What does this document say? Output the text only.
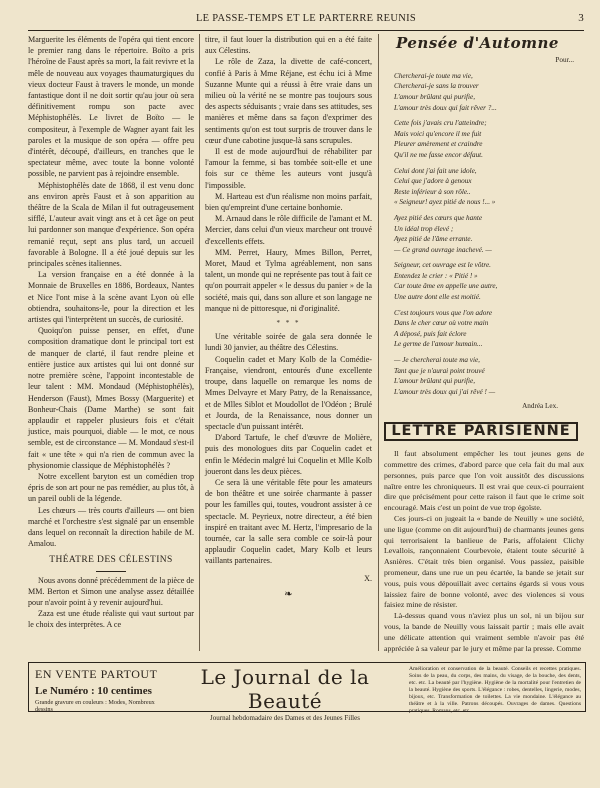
LE PASSE-TEMPS ET LE PARTERRE REUNIS	3

Marguerite les éléments de l'opéra qui tient encore le premier rang dans le répertoire. Boïto a pris l'héroïne de Faust après sa mort, la fait revivre et la mêle de nouveau aux voyages thaumaturgiques du vieux docteur Faust à travers le monde, un monde fantastique dont il ne doit sortir qu'au jour où sera définitivement rompu son pacte avec Méphistophélès. Le livret de Boïto — le compositeur, à l'exemple de Wagner ayant fait les paroles et la musique de son opéra — offre peu d'intérêt, découpé, d'ailleurs, en tranches que le spectateur même, avec toute la bonne volonté possible, ne parvient pas à rejoindre ensemble.

Méphistophélès date de 1868, il est venu donc ans environ après Faust et à son apparition au théâtre de la Scala de Milan il fut outrageusement sifflé, L'auteur avait vingt ans et à cet âge on peut lui pardonner son manque d'expérience. Son opéra remanié reçut, sept ans plus tard, un accueil favorable à Bologne. Il a été joué depuis sur les principales scènes italiennes.

La version française en a été donnée à la Monnaie de Bruxelles en 1886, Bordeaux, Nantes et Nice l'ont mise à la scène avant Lyon où elle obtiendra, souhaitons-le, pour la direction et les artistes qui l'interprètent un succès, de curiosité.

Quoiqu'on puisse penser, en effet, d'une composition dramatique dont le principal tort est de manquer de clarté, il faut rendre pleine et entière justice aux artistes qui lui ont donné sur notre première scène, l'appoint incontestable de leur talent : MM. Mondaud (Méphistophélès), Henderson (Faust), Mmes Bossy (Marguerite) et Bonheur-Chais (Dame Marthe) se sont fait applaudir et rappeler plusieurs fois et c'était justice, mais pourquoi, diable — le mot, ce nous semble, est de circonstance — M. Mondaud s'est-il fait « une tête » qui n'a rien de commun avec la physionomie classique de Méphistophélès ?

Notre excellent baryton est un comédien trop épris de son art pour ne pas remédier, au plus tôt, à un pareil oubli de la légende.

Les chœurs — très courts d'ailleurs — ont bien marché et l'orchestre s'est signalé par un ensemble dans lequel on reconnaît la direction habile de M. Amalou.

THÉATRE DES CÉLESTINS

Nous avons donné précédemment de la pièce de MM. Berton et Simon une analyse assez détaillée pour n'avoir point à y revenir aujourd'hui.

Zaza est une étude réaliste qui vaut surtout par le choix des interprètes. A ce

titre, il faut louer la distribution qui en a été faite aux Célestins.

Le rôle de Zaza, la divette de café-concert, confié à Paris à Mme Réjane, est échu ici à Mme Suzanne Munte qui a réussi à être vraie dans un milieu où la vérité ne se montre pas toujours sous des aspects séduisants ; vraie dans ses attitudes, ses manières et même dans sa façon d'exprimer des sentiments qu'on est tout surpris de trouver dans le cœur d'une cabotine jusque-là sans scrupules.

Il est de mode aujourd'hui de réhabiliter par l'amour la femme, si bas tombée soit-elle et une fois sur ce thème les auteurs vont jusqu'à l'impossible.

M. Harteau est d'un réalisme non moins parfait, bien qu'empreint d'une certaine bonhomie.

M. Arnaud dans le rôle difficile de l'amant et M. Mercier, dans celui d'un vieux marcheur ont trouvé d'excellents effets.

MM. Perret, Haury, Mmes Billon, Perret, Moret, Maud et Tylma agréablement, non sans talent, un monde qui ne représente pas tout à fait ce qu'on pourrait appeler « le dessus du panier » de la société, mais qui, dans son allure et son langage ne manque ni de pittoresque, ni d'originalité.

* * *

Une véritable soirée de gala sera donnée le lundi 30 janvier, au théâtre des Célestins.

Coquelin cadet et Mary Kolb de la Comédie-Française, viendront, entourés d'une excellente troupe, dans laquelle on remarque les noms de Mmes Delvayre et Mary Patry, de la Renaissance, et de Mlles Siblot et Moudollot de l'Odéon ; Brulé et Jourda, de la Renaissance, nous donner un spectacle d'un puissant intérêt.

D'abord Tartufe, le chef d'œuvre de Molière, puis des monologues dits par Coquelin cadet et enfin le Médecin malgré lui Coquelin et Mlle Kolb joueront dans les deux pièces.

Ce sera là une véritable fête pour les amateurs de bon théâtre et une soirée charmante à passer pour les familles qui, toutes, voudront assister à ce spectacle. M. Peyrieux, notre directeur, a été bien inspiré en traitant avec M. Hertz, l'impresario de la tournée, car la salle sera comble ce soir-là pour applaudir Coquelin cadet, Mary Kolb et leurs vaillants partenaires.

X.
❧
Pensée d'Automne
Pour...
Chercherai-je toute ma vie,
Chercherai-je sans la trouver
L'amour brûlant qui purifie,
L'amour très doux qui fait rêver ?...
Cette fois j'avais cru l'atteindre;
Mais voici qu'encore il me fuit
Pleurer amèrement et craindre
Qu'il ne me fasse encor défaut.
Celui dont j'ai fait une idole,
Celui que j'adore à genoux
Reste inférieur à son rôle..
« Seigneur! ayez pitié de nous !... »
Ayez pitié des cœurs que hante
Un idéal trop élevé ;
Ayez pitié de l'âme errante.
— Ce grand ouvrage inachevé. —
Seigneur, cet ouvrage est le vôtre.
Entendez le crier : « Pitié ! »
Car toute âme en appelle une autre,
Une autre dont elle est moitié.
C'est toujours vous que l'on adore
Dans le cher cœur où votre main
A déposé, puis fait éclore
Le germe de l'amour humain...
— Je chercherai toute ma vie,
Tant que je n'aurai point trouvé
L'amour brûlant qui purifie,
L'amour très doux qui j'ai rêvé ! —
Andréa Lex.
LETTRE PARISIENNE

Il faut absolument empêcher les tout jeunes gens de commettre des crimes, d'abord parce que cela fait du mal aux personnes, puis parce que l'on voit aussitôt des discussions naître entre les chroniqueurs. Il est vrai que ceux-ci pourraient dire que précisément pour cette raison il faut que le crime soit encouragé. Mais c'est un point de vue trop égoïste.

Ces jours-ci on jugeait la « bande de Neuilly » une société, une ligue (comme on dit aujourd'hui) de charmants jeunes gens qui terrorisaient la banlieue de Paris, affolaient Clichy Levallois, rançonnaient Courbevoie, étaient toute sécurité à Asnières. C'était très bien organisé. Vous passiez, paisible promeneur, dans une rue un peu écartée, la bande se jetait sur vous, puis vous dépouillait avec certains égards si vous vous laissiez faire de bonne volonté, avec des violences si vous faisiez mine de résister.

Là-dessus quand vous n'aviez plus un sol, ni un bijou sur vous, la bande de Neuilly vous laissait partir ; mais elle avait une délicate attention qui vraiment semble n'avoir pas été appréciée à sa valeur par le jury et même par la presse. Comme

EN VENTE PARTOUT
Le Numéro : 10 centimes
Grande gravure en couleurs : Modes, Nombreux dessins
Le Journal de la Beauté
Journal hebdomadaire des Dames et des Jeunes Filles
Amélioration et conservation de la beauté. Conseils et recettes pratiques. Soins de la peau, du corps, des mains, du visage, de la bouche, des dents, etc. etc. La beauté par l'hygiène. Hygiène de la mortalité pour l'entretien de la beauté. Hygiène des sports. L'élégance : robes, dentelles, lingerie, modes, bijoux, etc. Transformation de toilettes. La vie mondaine. L'élégance au théâtre et à la ville. Patrons découpés. Ouvrages de dames. Questions pratiques. Romans, etc. etc.
